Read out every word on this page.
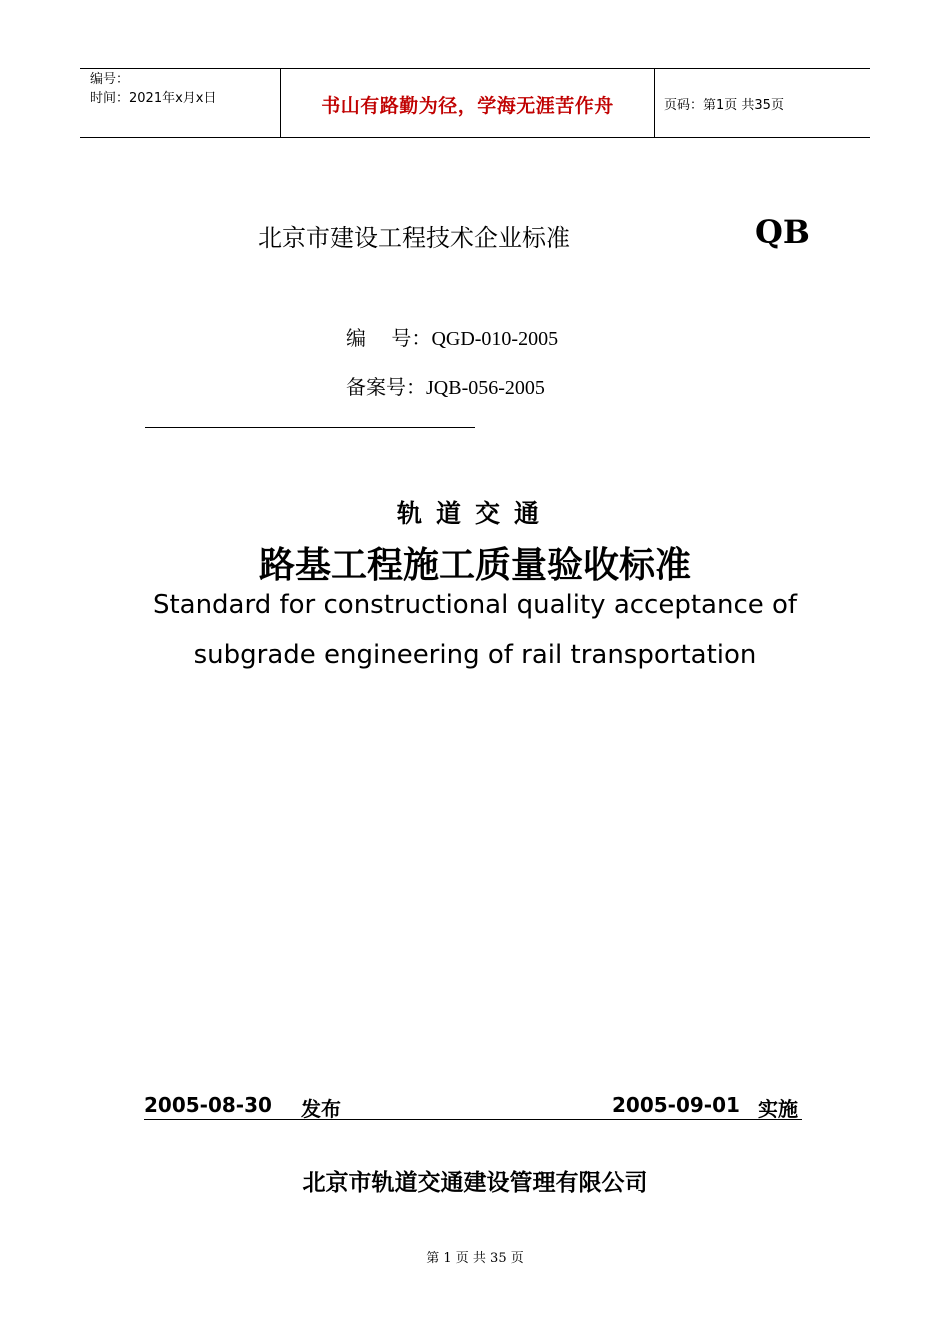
编号：
时间：2021年x月x日	书山有路勤为径，学海无涯苦作舟	页码：第1页 共35页
北京市建设工程技术企业标准	QB
编    号：QGD-010-2005
备案号：JQB-056-2005
轨道交通
路基工程施工质量验收标准
Standard for constructional quality acceptance of
subgrade engineering of rail transportation
2005-08-30 发布	2005-09-01 实施
北京市轨道交通建设管理有限公司
第 1 页 共 35 页
